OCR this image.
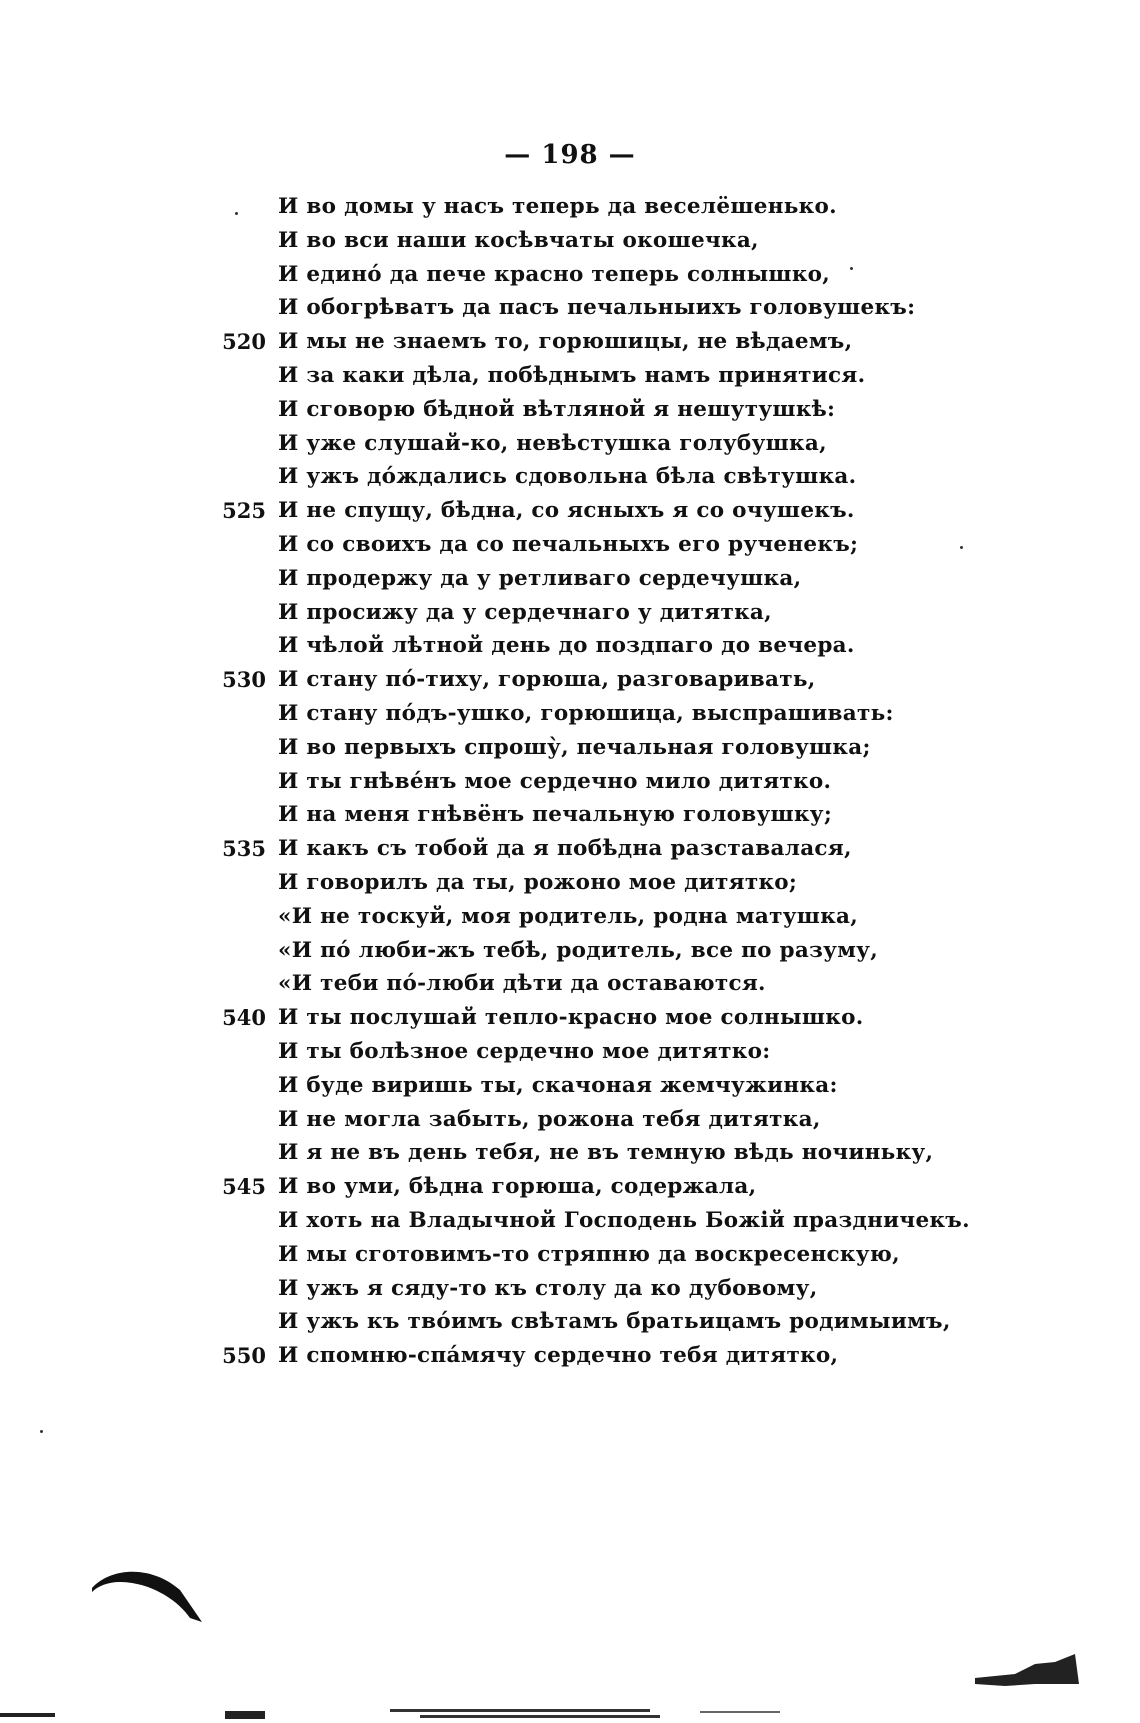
— 198 —
И во домы у насъ теперь да веселёшенько.
И во вси наши косѣвчаты окошечка,
И единó да пече красно теперь солнышко,
И обогрѣватъ да пасъ печальныихъ головушекъ:
520 И мы не знаемъ то, горюшицы, не вѣдаемъ,
И за каки дѣла, побѣднымъ намъ принятися.
И сговорю бѣдной вѣтляной я нешутушкѣ:
И уже слушай-ко, невѣстушка голубушка,
И ужъ дóждались сдовольна бѣла свѣтушка.
525 И не спущу, бѣдна, со ясныхъ я со очушекъ.
И со своихъ да со печальныхъ его рученекъ;
И продержу да у ретливаго сердечушка,
И просижу да у сердечнаго у дитятка,
И чѣлой лѣтной день до поздпаго до вечера.
530 И стану пó-тиху, горюша, разговаривать,
И стану пóдъ-ушко, горюшица, выспрашивать:
И во первыхъ спрошу̀, печальная головушка;
И ты гнѣвéнъ мое сердечно мило дитятко.
И на меня гнѣвёнъ печальную головушку;
535 И какъ съ тобой да я побѣдна разставалася,
И говорилъ да ты, рожоно мое дитятко;
«И не тоскуй, моя родитель, родна матушка,
«И пó люби-жъ тебѣ, родитель, все по разуму,
«И теби пó-люби дѣти да оставаются.
540 И ты послушай тепло-красно мое солнышко.
И ты болѣзное сердечно мое дитятко:
И буде виришь ты, скачоная жемчужинка:
И не могла забыть, рожона тебя дитятка,
И я не въ день тебя, не въ темную вѣдь ночиньку,
545 И во уми, бѣдна горюша, содержала,
И хоть на Владычной Господень Божій праздничекъ.
И мы сготовимъ-то стряпню да воскресенскую,
И ужъ я сяду-то къ столу да ко дубовому,
И ужъ къ твóимъ свѣтамъ братьицамъ родимыимъ,
550 И спомню-спáмячу сердечно тебя дитятко,
